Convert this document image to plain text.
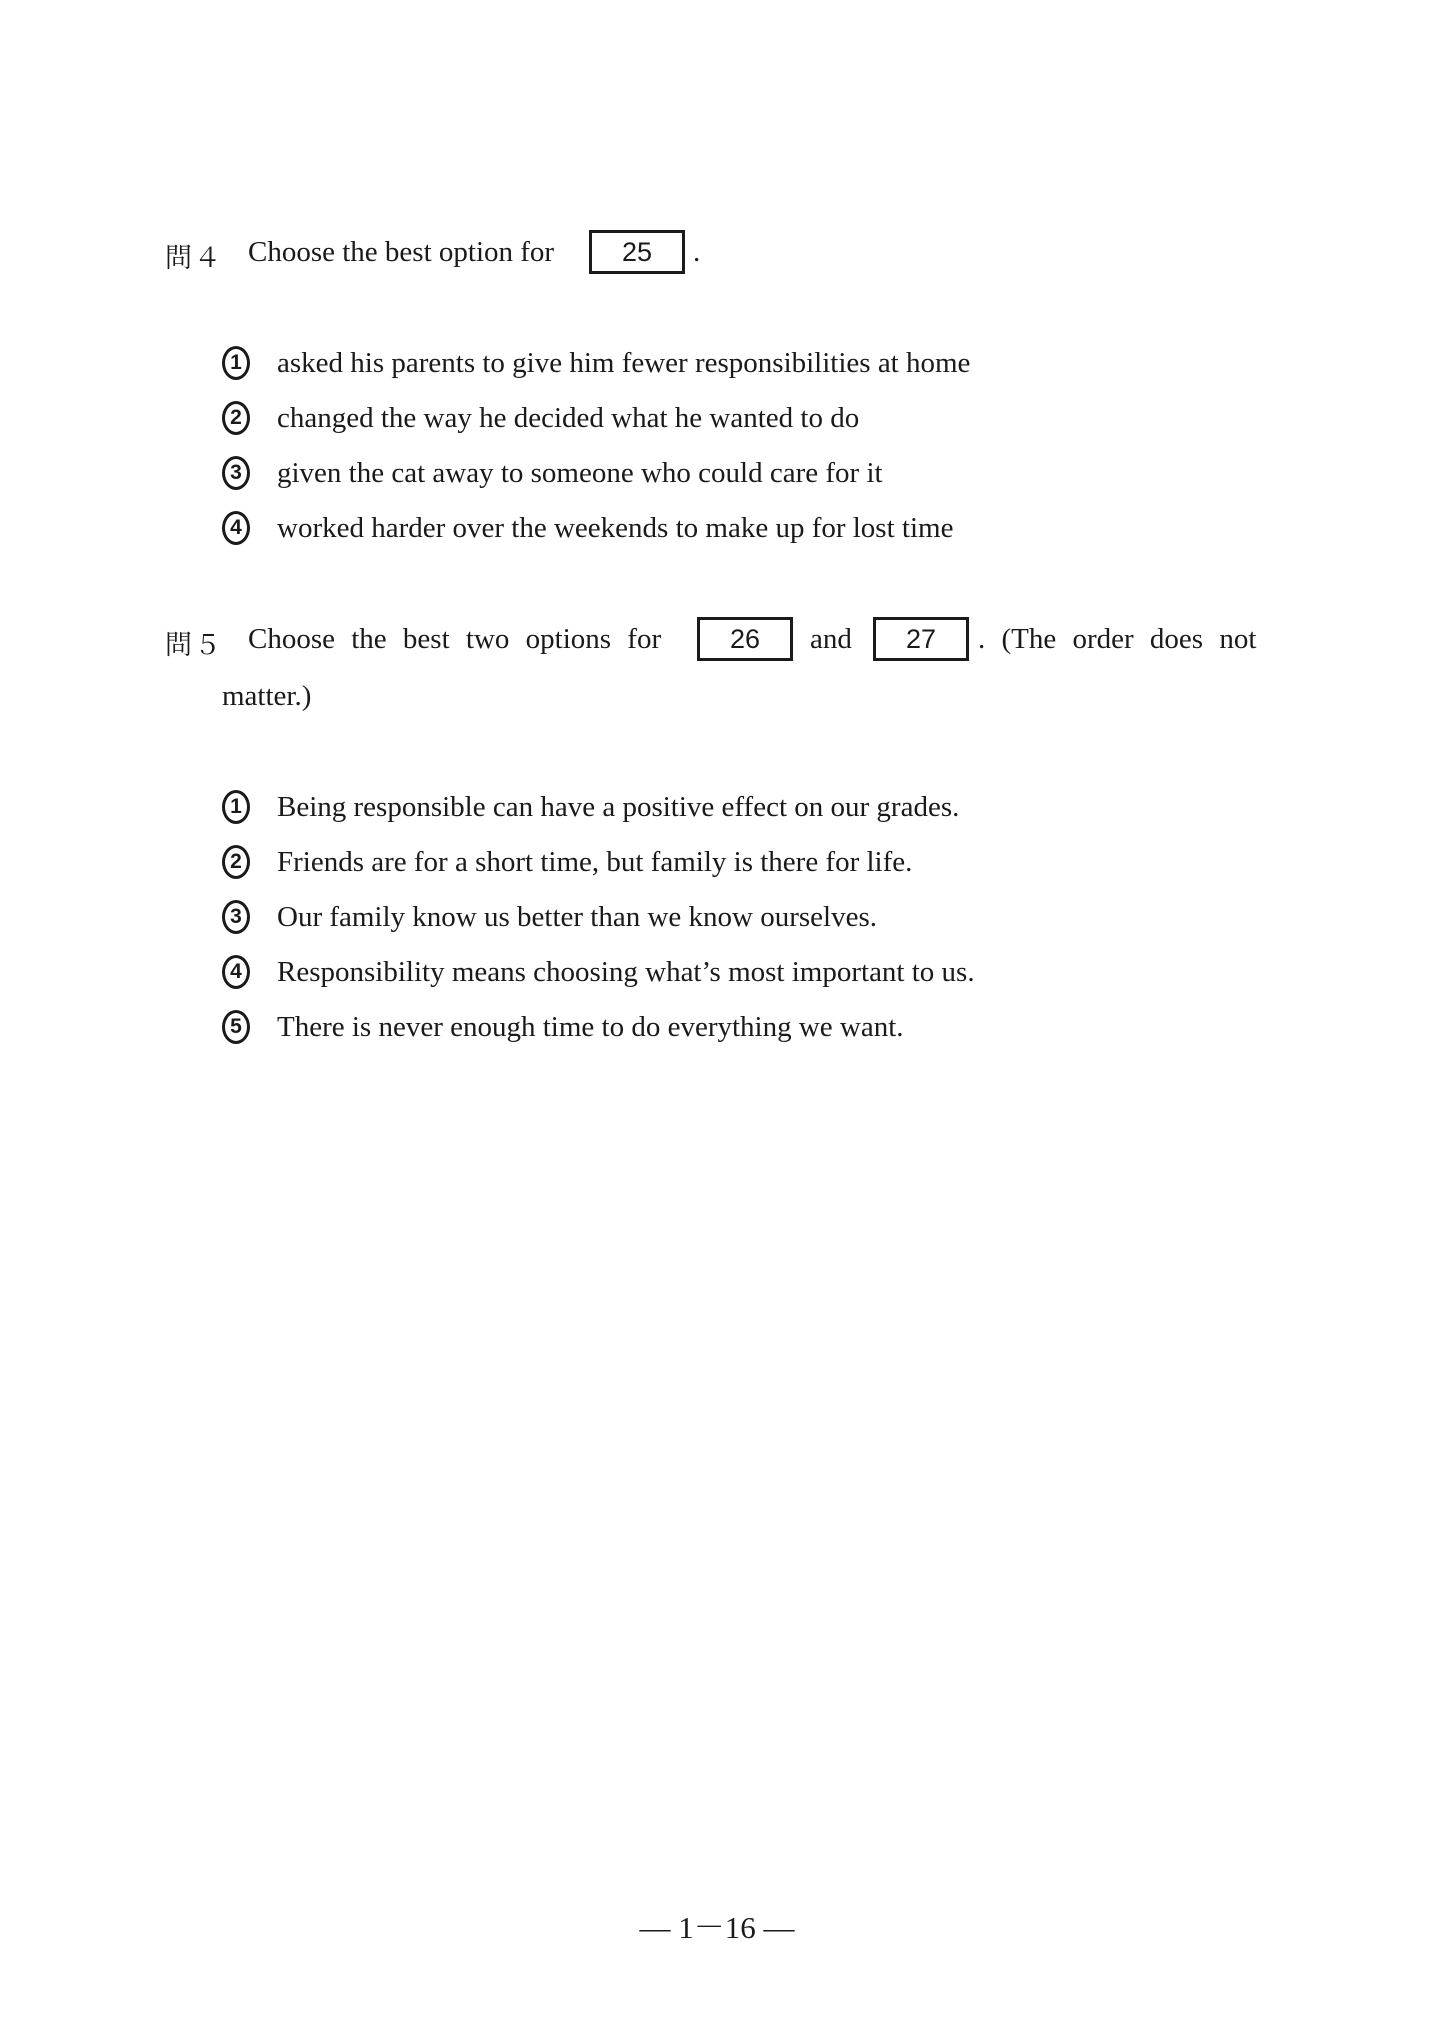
問４ Choose the best option for	25	.
1 asked his parents to give him fewer responsibilities at home
2 changed the way he decided what he wanted to do
3 given the cat away to someone who could care for it
4 worked harder over the weekends to make up for lost time
問５ Choose the best two options for	26	and	27	. (The order does not
matter.)
1 Being responsible can have a positive effect on our grades.
2 Friends are for a short time, but family is there for life.
3 Our family know us better than we know ourselves.
4 Responsibility means choosing what’s most important to us.
5 There is never enough time to do everything we want.
— 1－16 —
